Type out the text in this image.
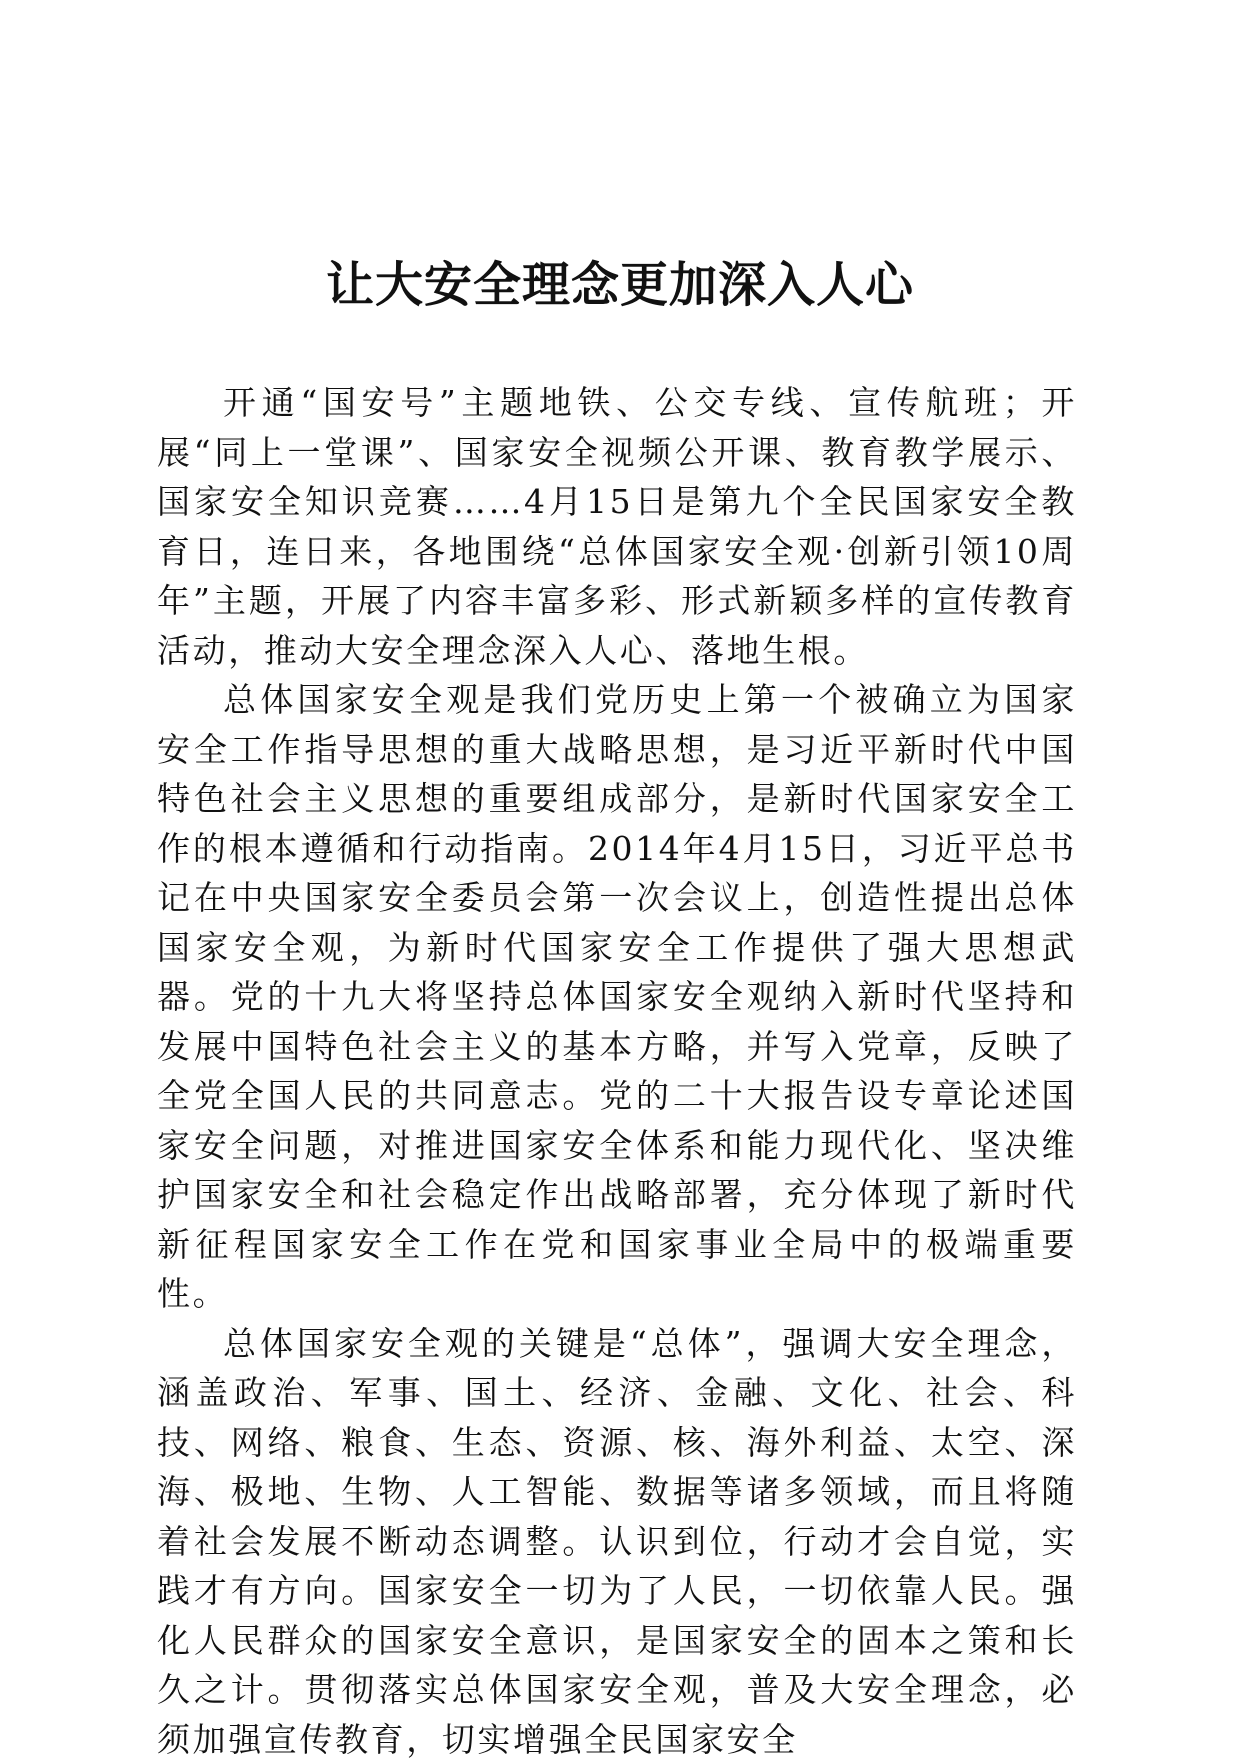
让大安全理念更加深入人心

开通“国安号”主题地铁、公交专线、宣传航班；开展“同上一堂课”、国家安全视频公开课、教育教学展示、国家安全知识竞赛……4月15日是第九个全民国家安全教育日，连日来，各地围绕“总体国家安全观·创新引领10周年”主题，开展了内容丰富多彩、形式新颖多样的宣传教育活动，推动大安全理念深入人心、落地生根。

总体国家安全观是我们党历史上第一个被确立为国家安全工作指导思想的重大战略思想，是习近平新时代中国特色社会主义思想的重要组成部分，是新时代国家安全工作的根本遵循和行动指南。2014年4月15日，习近平总书记在中央国家安全委员会第一次会议上，创造性提出总体国家安全观，为新时代国家安全工作提供了强大思想武器。党的十九大将坚持总体国家安全观纳入新时代坚持和发展中国特色社会主义的基本方略，并写入党章，反映了全党全国人民的共同意志。党的二十大报告设专章论述国家安全问题，对推进国家安全体系和能力现代化、坚决维护国家安全和社会稳定作出战略部署，充分体现了新时代新征程国家安全工作在党和国家事业全局中的极端重要性。

总体国家安全观的关键是“总体”，强调大安全理念，涵盖政治、军事、国土、经济、金融、文化、社会、科技、网络、粮食、生态、资源、核、海外利益、太空、深海、极地、生物、人工智能、数据等诸多领域，而且将随着社会发展不断动态调整。认识到位，行动才会自觉，实践才有方向。国家安全一切为了人民，一切依靠人民。强化人民群众的国家安全意识，是国家安全的固本之策和长久之计。贯彻落实总体国家安全观，普及大安全理念，必须加强宣传教育，切实增强全民国家安全
